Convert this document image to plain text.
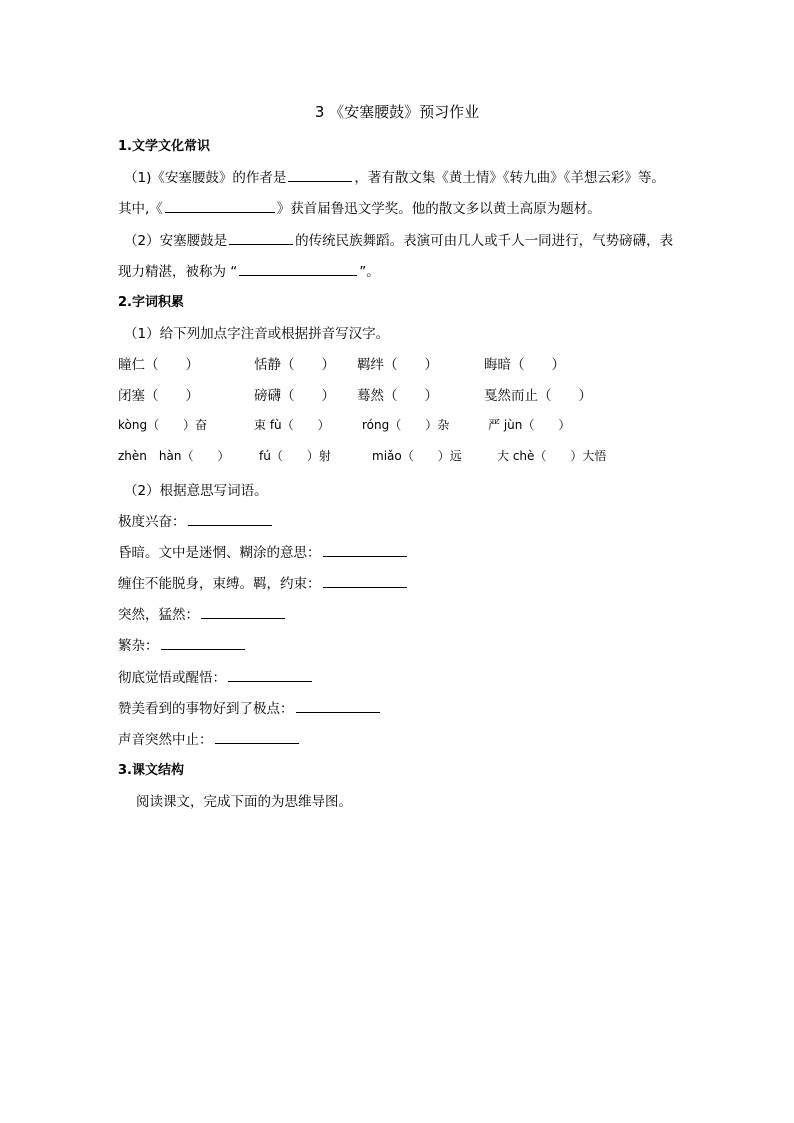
3 《安塞腰鼓》预习作业
1.文学文化常识
（1)《安塞腰鼓》的作者是	，著有散文集《黄土情》《转九曲》《羊想云彩》等。
其中,《	》获首届鲁迅文学奖。他的散文多以黄土高原为题材。
（2）安塞腰鼓是	的传统民族舞蹈。表演可由几人或千人一同进行，气势磅礴，表
现力精湛，被称为 “	”。
2.字词积累
（1）给下列加点字注音或根据拼音写汉字。
瞳仁（　　）	恬静（　　） 羁绊（　　）	晦暗（　　）
闭塞（　　）	磅礴（　　） 蓦然（　　）	戛然而止（　　）
kòng（　　）奋	束 fù（　　）	róng（　　）杂	严 jùn（　　）
zhèn　hàn（　　） fú（　　）射	miǎo（　　）远	大 chè（　　）大悟
（2）根据意思写词语。
极度兴奋：
昏暗。文中是迷惘、糊涂的意思：
缠住不能脱身，束缚。羁，约束：
突然，猛然：
繁杂：
彻底觉悟或醒悟：
赞美看到的事物好到了极点：
声音突然中止：
3.课文结构
阅读课文，完成下面的为思维导图。
